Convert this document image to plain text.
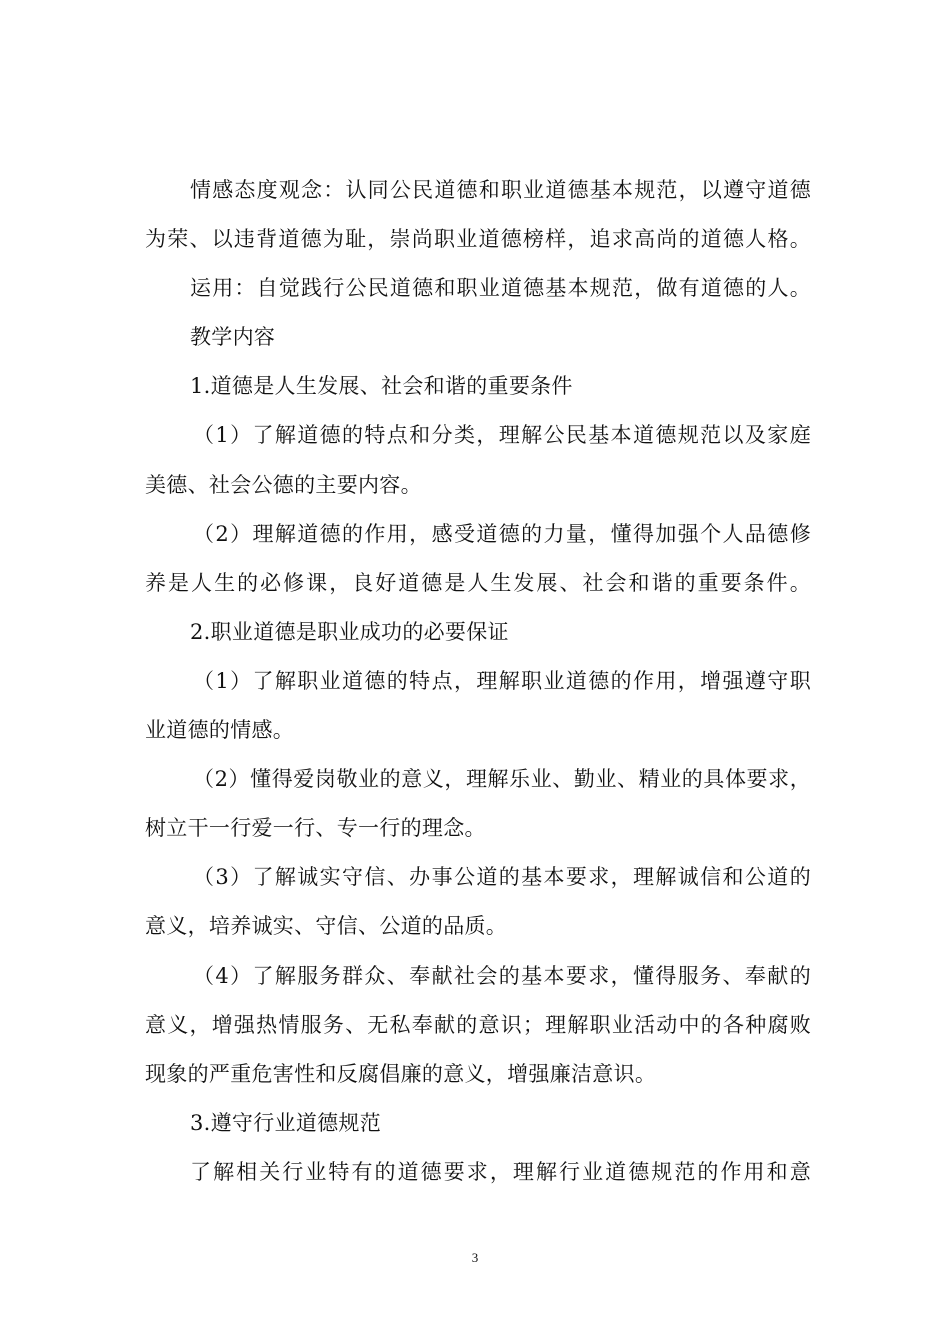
情感态度观念：认同公民道德和职业道德基本规范，以遵守道德
为荣、以违背道德为耻，崇尚职业道德榜样，追求高尚的道德人格。
运用：自觉践行公民道德和职业道德基本规范，做有道德的人。
教学内容
1.道德是人生发展、社会和谐的重要条件
（1）了解道德的特点和分类，理解公民基本道德规范以及家庭
美德、社会公德的主要内容。
（2）理解道德的作用，感受道德的力量，懂得加强个人品德修
养是人生的必修课，良好道德是人生发展、社会和谐的重要条件。
2.职业道德是职业成功的必要保证
（1）了解职业道德的特点，理解职业道德的作用，增强遵守职
业道德的情感。
（2）懂得爱岗敬业的意义，理解乐业、勤业、精业的具体要求，
树立干一行爱一行、专一行的理念。
（3）了解诚实守信、办事公道的基本要求，理解诚信和公道的
意义，培养诚实、守信、公道的品质。
（4）了解服务群众、奉献社会的基本要求，懂得服务、奉献的
意义，增强热情服务、无私奉献的意识；理解职业活动中的各种腐败
现象的严重危害性和反腐倡廉的意义，增强廉洁意识。
3.遵守行业道德规范
了解相关行业特有的道德要求，理解行业道德规范的作用和意
3
